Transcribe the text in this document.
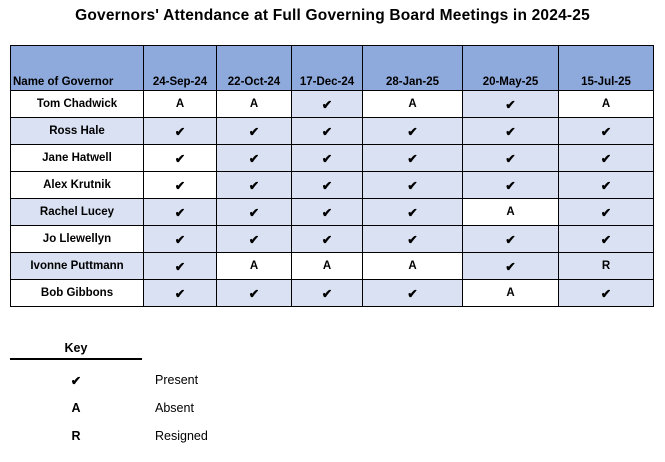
Governors' Attendance at Full Governing Board Meetings in 2024-25
Name of Governor	24-Sep-24	22-Oct-24	17-Dec-24	28-Jan-25	20-May-25	15-Jul-25
Tom Chadwick	A	A	✔	A	✔	A
Ross Hale	✔	✔	✔	✔	✔	✔
Jane Hatwell	✔	✔	✔	✔	✔	✔
Alex Krutnik	✔	✔	✔	✔	✔	✔
Rachel Lucey	✔	✔	✔	✔	A	✔
Jo Llewellyn	✔	✔	✔	✔	✔	✔
Ivonne Puttmann	✔	A	A	A	✔	R
Bob Gibbons	✔	✔	✔	✔	A	✔
Key
✔	Present
A	Absent
R	Resigned
